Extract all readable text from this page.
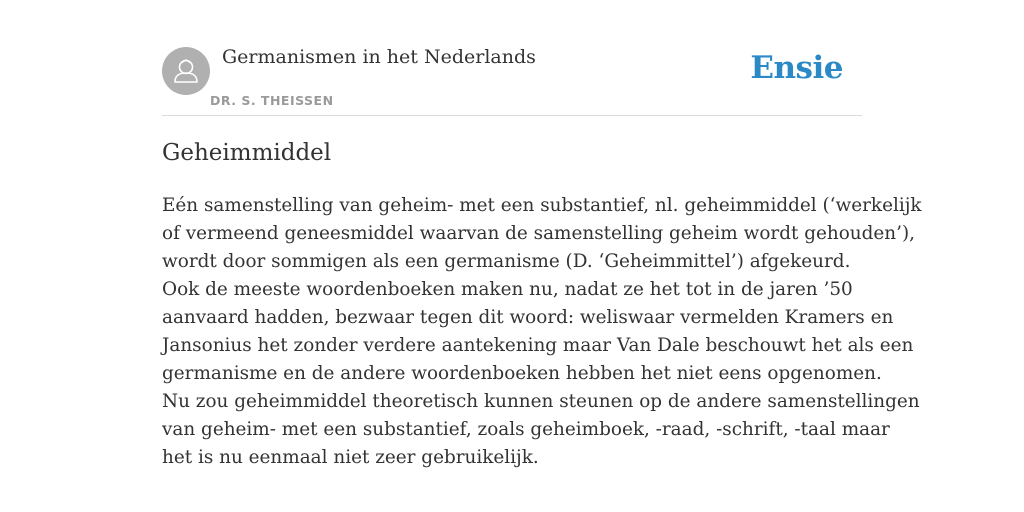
Germanismen in het Nederlands
DR. S. THEISSEN
Ensie
Geheimmiddel
Eén samenstelling van geheim- met een substantief, nl. geheimmiddel (‘werkelijk
of vermeend geneesmiddel waarvan de samenstelling geheim wordt gehouden’),
wordt door sommigen als een germanisme (D. ‘Geheimmittel’) afgekeurd.
Ook de meeste woordenboeken maken nu, nadat ze het tot in de jaren ’50
aanvaard hadden, bezwaar tegen dit woord: weliswaar vermelden Kramers en
Jansonius het zonder verdere aantekening maar Van Dale beschouwt het als een
germanisme en de andere woordenboeken hebben het niet eens opgenomen.
Nu zou geheimmiddel theoretisch kunnen steunen op de andere samenstellingen
van geheim- met een substantief, zoals geheimboek, -raad, -schrift, -taal maar
het is nu eenmaal niet zeer gebruikelijk.
